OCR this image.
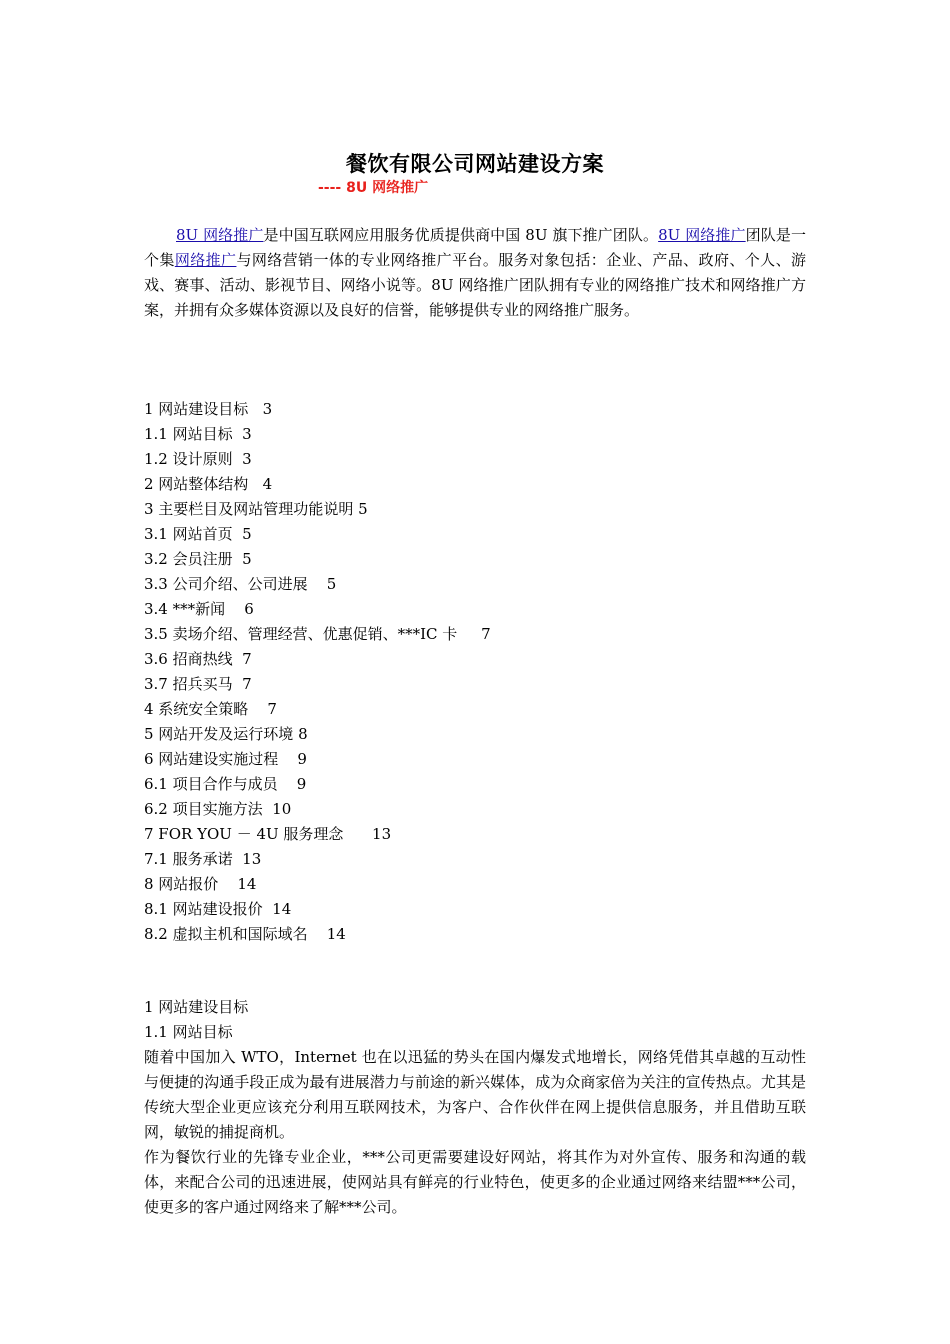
餐饮有限公司网站建设方案
---- 8U 网络推广
8U 网络推广是中国互联网应用服务优质提供商中国 8U 旗下推广团队。8U 网络推广团队是一个集网络推广与网络营销一体的专业网络推广平台。服务对象包括：企业、产品、政府、个人、游戏、赛事、活动、影视节目、网络小说等。8U 网络推广团队拥有专业的网络推广技术和网络推广方案，并拥有众多媒体资源以及良好的信誉，能够提供专业的网络推广服务。
1 网站建设目标 3
1.1 网站目标 3
1.2 设计原则 3
2 网站整体结构 4
3 主要栏目及网站管理功能说明 5
3.1 网站首页 5
3.2 会员注册 5
3.3 公司介绍、公司进展 5
3.4 ***新闻 6
3.5 卖场介绍、管理经营、优惠促销、***IC 卡 7
3.6 招商热线 7
3.7 招兵买马 7
4 系统安全策略 7
5 网站开发及运行环境 8
6 网站建设实施过程 9
6.1 项目合作与成员 9
6.2 项目实施方法 10
7 FOR YOU － 4U 服务理念 13
7.1 服务承诺 13
8 网站报价 14
8.1 网站建设报价 14
8.2 虚拟主机和国际域名 14

1 网站建设目标

1.1 网站目标

随着中国加入 WTO，Internet 也在以迅猛的势头在国内爆发式地增长，网络凭借其卓越的互动性与便捷的沟通手段正成为最有进展潜力与前途的新兴媒体，成为众商家倍为关注的宣传热点。尤其是传统大型企业更应该充分利用互联网技术，为客户、合作伙伴在网上提供信息服务，并且借助互联网，敏锐的捕捉商机。

作为餐饮行业的先锋专业企业，***公司更需要建设好网站，将其作为对外宣传、服务和沟通的载体，来配合公司的迅速进展，使网站具有鲜亮的行业特色，使更多的企业通过网络来结盟***公司，使更多的客户通过网络来了解***公司。
